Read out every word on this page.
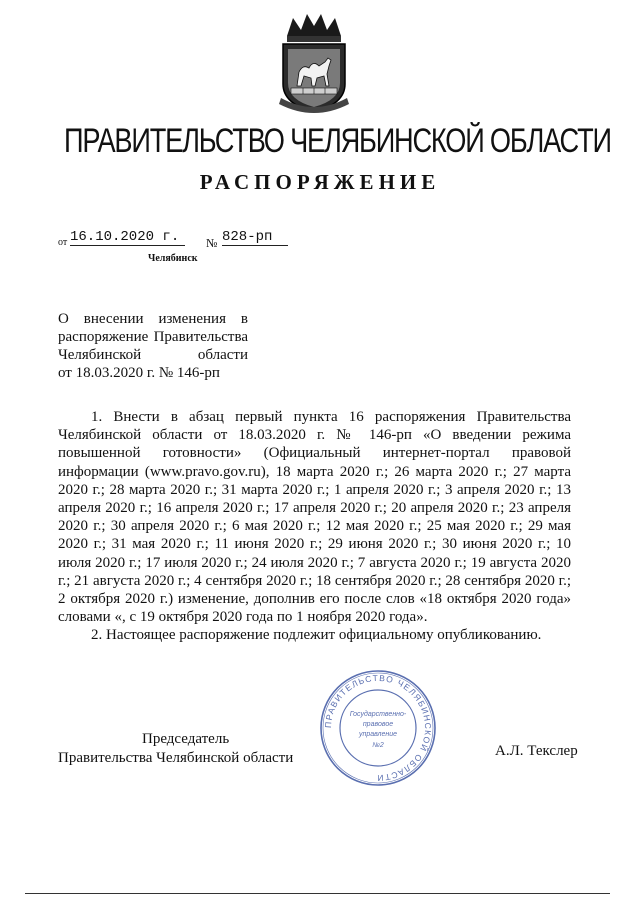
ПРАВИТЕЛЬСТВО ЧЕЛЯБИНСКОЙ ОБЛАСТИ
РАСПОРЯЖЕНИЕ
от 16.10.2020 г.	№ 828-рп
Челябинск
О внесении изменения в
распоряжение Правительства
Челябинской области
от 18.03.2020 г. № 146-рп

1. Внести в абзац первый пункта 16 распоряжения Правительства Челябинской области от 18.03.2020 г. № 146-рп «О введении режима повышенной готовности» (Официальный интернет-портал правовой информации (www.pravo.gov.ru), 18 марта 2020 г.; 26 марта 2020 г.; 27 марта 2020 г.; 28 марта 2020 г.; 31 марта 2020 г.; 1 апреля 2020 г.; 3 апреля 2020 г.; 13 апреля 2020 г.; 16 апреля 2020 г.; 17 апреля 2020 г.; 20 апреля 2020 г.; 23 апреля 2020 г.; 30 апреля 2020 г.; 6 мая 2020 г.; 12 мая 2020 г.; 25 мая 2020 г.; 29 мая 2020 г.; 31 мая 2020 г.; 11 июня 2020 г.; 29 июня 2020 г.; 30 июня 2020 г.; 10 июля 2020 г.; 17 июля 2020 г.; 24 июля 2020 г.; 7 августа 2020 г.; 19 августа 2020 г.; 21 августа 2020 г.; 4 сентября 2020 г.; 18 сентября 2020 г.; 28 сентября 2020 г.; 2 октября 2020 г.) изменение, дополнив его после слов «18 октября 2020 года» словами «, с 19 октября 2020 года по 1 ноября 2020 года».

2. Настоящее распоряжение подлежит официальному опубликованию.

Председатель
Правительства Челябинской области
ПРАВИТЕЛЬСТВО ЧЕЛЯБИНСКОЙ ОБЛАСТИ
Государственно-
правовое
управление
№2	А.Л. Текслер
